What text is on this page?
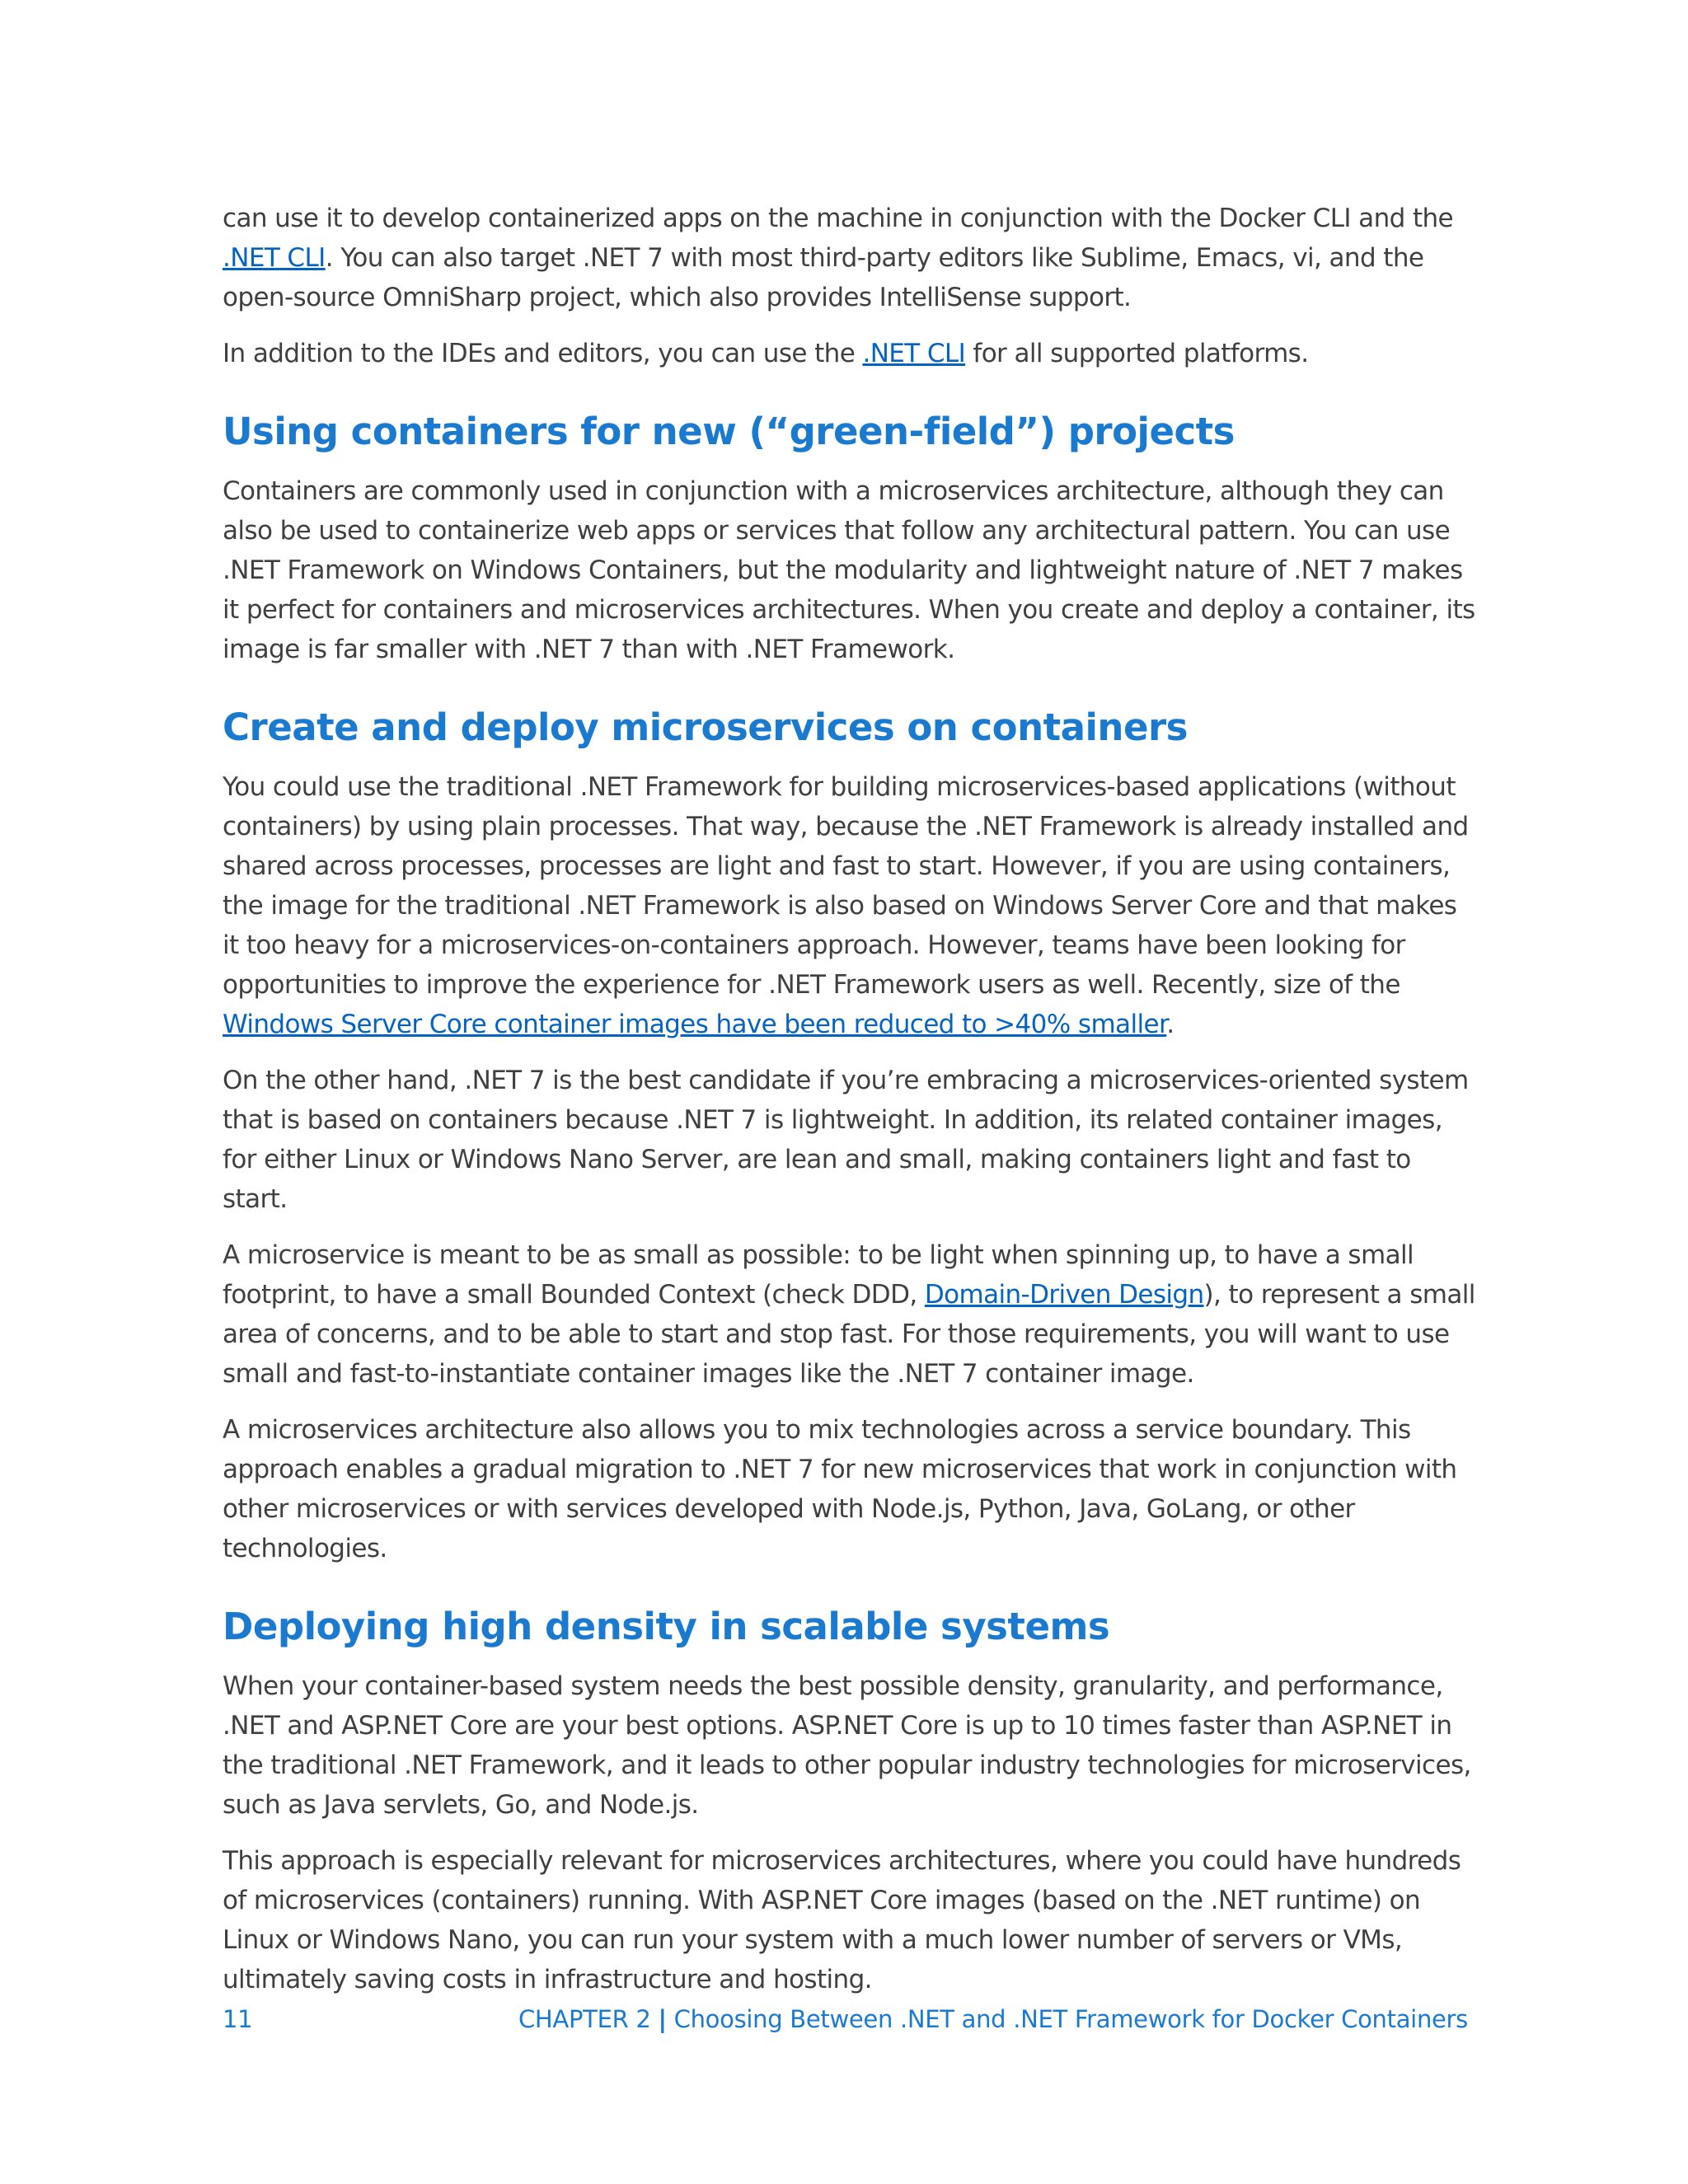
can use it to develop containerized apps on the machine in conjunction with the Docker CLI and the .NET CLI. You can also target .NET 7 with most third-party editors like Sublime, Emacs, vi, and the open-source OmniSharp project, which also provides IntelliSense support.

In addition to the IDEs and editors, you can use the .NET CLI for all supported platforms.

Using containers for new (“green-field”) projects

Containers are commonly used in conjunction with a microservices architecture, although they can also be used to containerize web apps or services that follow any architectural pattern. You can use .NET Framework on Windows Containers, but the modularity and lightweight nature of .NET 7 makes it perfect for containers and microservices architectures. When you create and deploy a container, its image is far smaller with .NET 7 than with .NET Framework.

Create and deploy microservices on containers

You could use the traditional .NET Framework for building microservices-based applications (without containers) by using plain processes. That way, because the .NET Framework is already installed and shared across processes, processes are light and fast to start. However, if you are using containers, the image for the traditional .NET Framework is also based on Windows Server Core and that makes it too heavy for a microservices-on-containers approach. However, teams have been looking for opportunities to improve the experience for .NET Framework users as well. Recently, size of the Windows Server Core container images have been reduced to >40% smaller.

On the other hand, .NET 7 is the best candidate if you’re embracing a microservices-oriented system that is based on containers because .NET 7 is lightweight. In addition, its related container images, for either Linux or Windows Nano Server, are lean and small, making containers light and fast to start.

A microservice is meant to be as small as possible: to be light when spinning up, to have a small footprint, to have a small Bounded Context (check DDD, Domain-Driven Design), to represent a small area of concerns, and to be able to start and stop fast. For those requirements, you will want to use small and fast-to-instantiate container images like the .NET 7 container image.

A microservices architecture also allows you to mix technologies across a service boundary. This approach enables a gradual migration to .NET 7 for new microservices that work in conjunction with other microservices or with services developed with Node.js, Python, Java, GoLang, or other technologies.

Deploying high density in scalable systems

When your container-based system needs the best possible density, granularity, and performance, .NET and ASP.NET Core are your best options. ASP.NET Core is up to 10 times faster than ASP.NET in the traditional .NET Framework, and it leads to other popular industry technologies for microservices, such as Java servlets, Go, and Node.js.

This approach is especially relevant for microservices architectures, where you could have hundreds of microservices (containers) running. With ASP.NET Core images (based on the .NET runtime) on Linux or Windows Nano, you can run your system with a much lower number of servers or VMs, ultimately saving costs in infrastructure and hosting.

11	CHAPTER 2 | Choosing Between .NET and .NET Framework for Docker Containers
